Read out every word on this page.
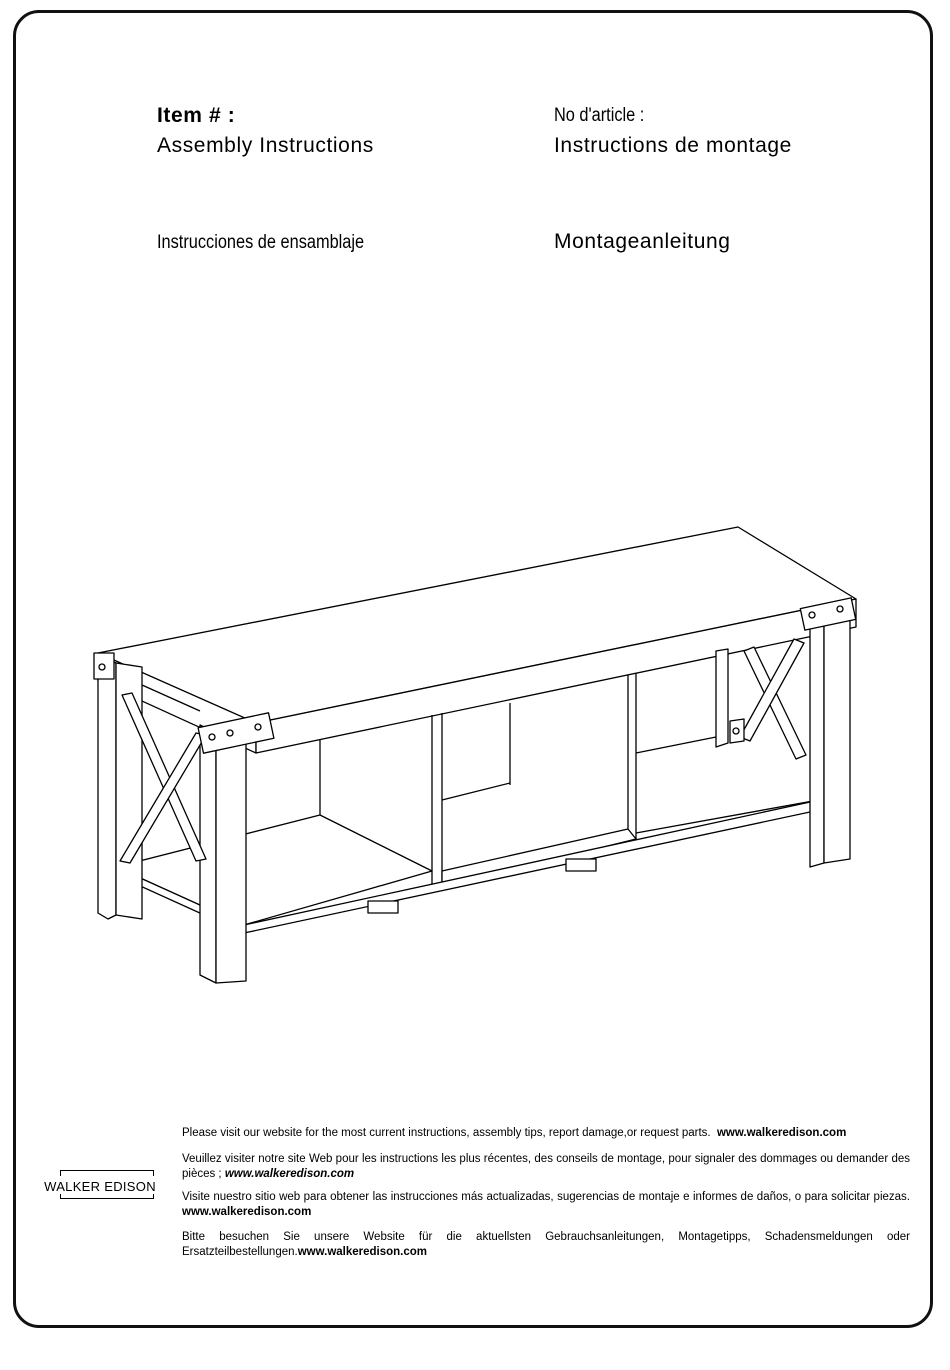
Item # :	No d'article :
Assembly Instructions	Instructions de montage
Instrucciones de ensamblaje	Montageanleitung
WALKER EDISON
Please visit our website for the most current instructions, assembly tips, report damage,or request parts. www.walkeredison.com
Veuillez visiter notre site Web pour les instructions les plus récentes, des conseils de montage, pour signaler des dommages ou demander des pièces ; www.walkeredison.com
Visite nuestro sitio web para obtener las instrucciones más actualizadas, sugerencias de montaje e informes de daños, o para solicitar piezas. www.walkeredison.com
Bitte besuchen Sie unsere Website für die aktuellsten Gebrauchsanleitungen, Montagetipps, Schadensmeldungen oder Ersatzteilbestellungen.www.walkeredison.com
